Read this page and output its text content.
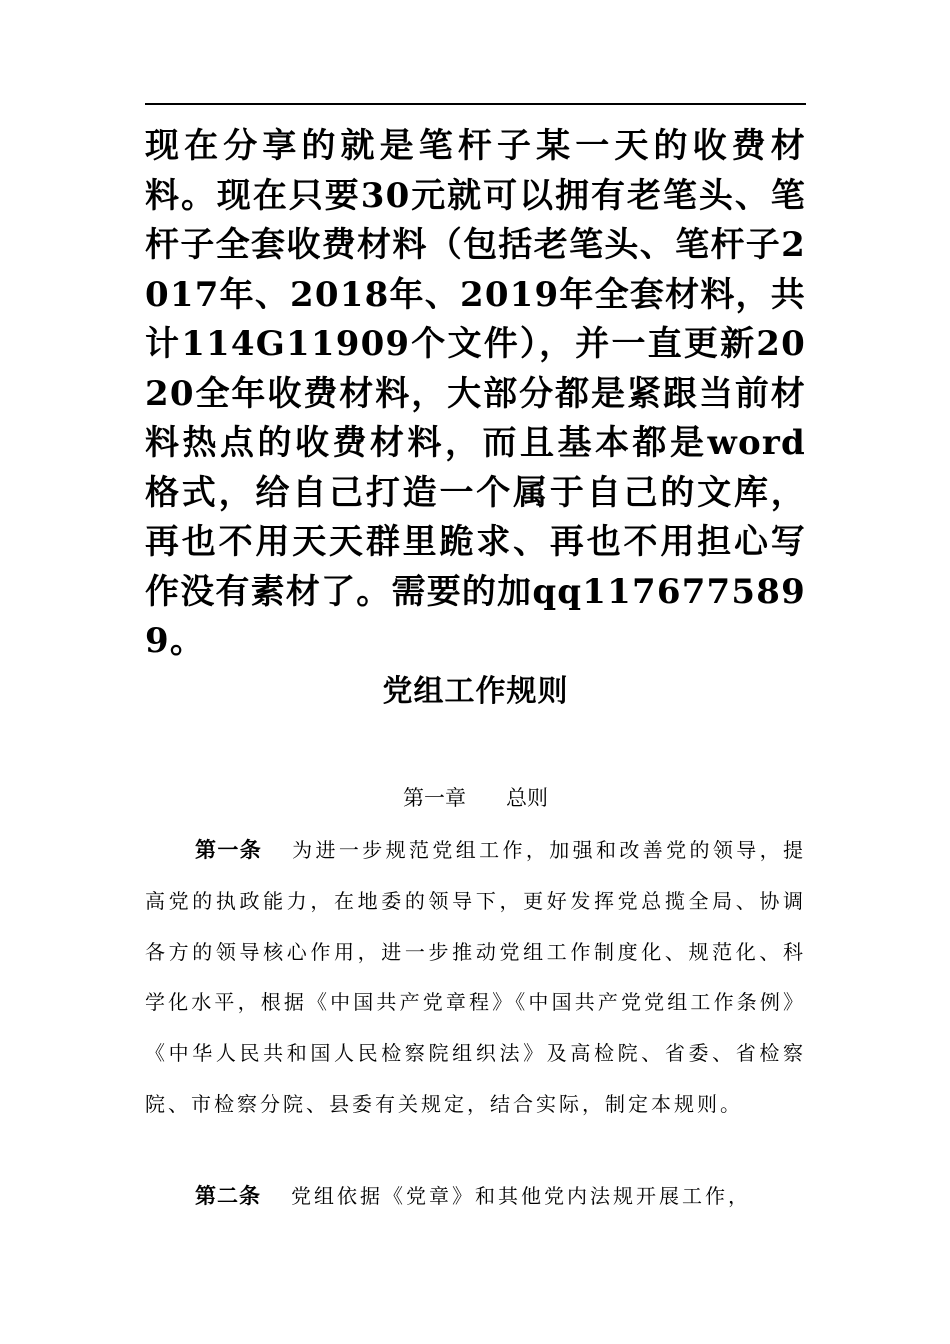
现在分享的就是笔杆子某一天的收费材料。现在只要30元就可以拥有老笔头、笔杆子全套收费材料（包括老笔头、笔杆子2017年、2018年、2019年全套材料，共计114G11909个文件），并一直更新2020全年收费材料，大部分都是紧跟当前材料热点的收费材料，而且基本都是word格式，给自己打造一个属于自己的文库，再也不用天天群里跪求、再也不用担心写作没有素材了。需要的加qq1176775899。
党组工作规则
第一章 总则
第一条 为进一步规范党组工作，加强和改善党的领导，提高党的执政能力，在地委的领导下，更好发挥党总揽全局、协调各方的领导核心作用，进一步推动党组工作制度化、规范化、科学化水平，根据《中国共产党章程》《中国共产党党组工作条例》《中华人民共和国人民检察院组织法》及高检院、省委、省检察院、市检察分院、县委有关规定，结合实际，制定本规则。
第二条 党组依据《党章》和其他党内法规开展工作，
